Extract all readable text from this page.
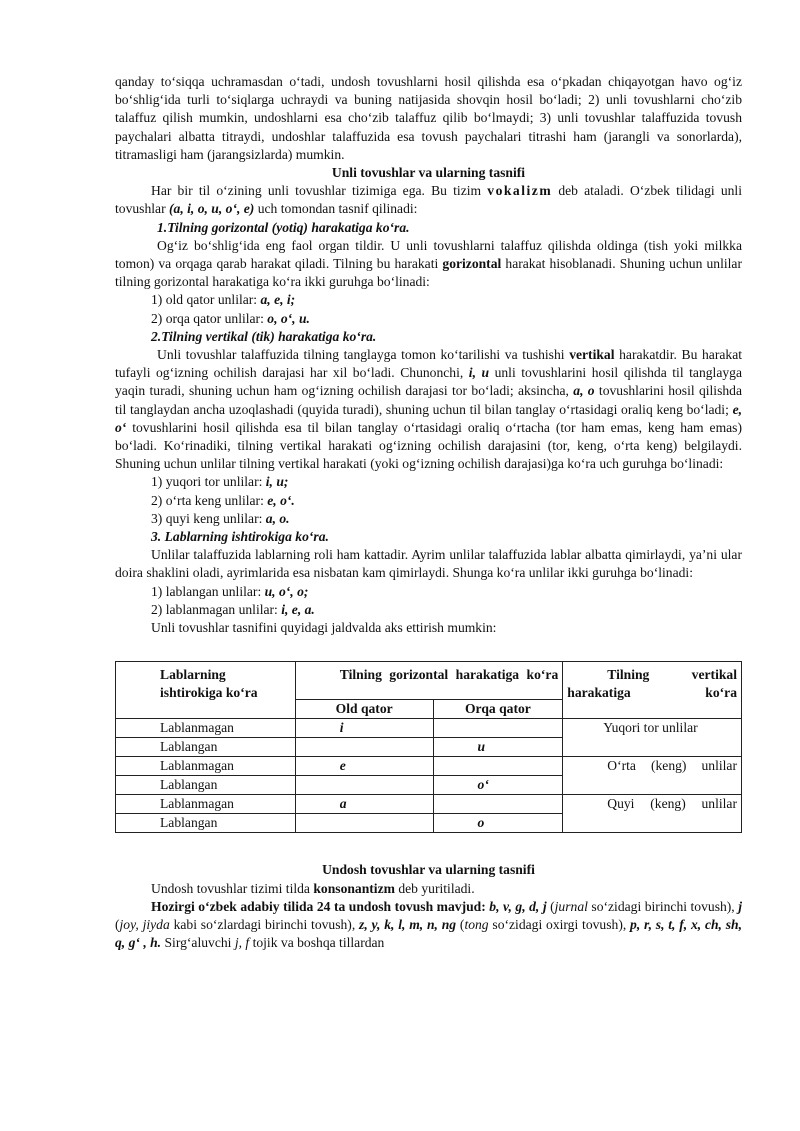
qanday to‘siqqa uchramasdan o‘tadi, undosh tovushlarni hosil qilishda esa o‘pkadan chiqayotgan havo og‘iz bo‘shlig‘ida turli to‘siqlarga uchraydi va buning natijasida shovqin hosil bo‘ladi; 2) unli tovushlarni cho‘zib talaffuz qilish mumkin, undoshlarni esa cho‘zib talaffuz qilib bo‘lmaydi; 3) unli tovushlar talaffuzida tovush paychalari albatta titraydi, undoshlar talaffuzida esa tovush paychalari titrashi ham (jarangli va sonorlarda), titramasligi ham (jarangsizlarda) mumkin.

Unli tovushlar va ularning tasnifi

Har bir til o‘zining unli tovushlar tizimiga ega. Bu tizim vokalizm deb ataladi. O‘zbek tilidagi unli tovushlar (a, i, o, u, o‘, e) uch tomondan tasnif qilinadi:

1.Tilning gorizontal (yotiq) harakatiga ko‘ra.

Og‘iz bo‘shlig‘ida eng faol organ tildir. U unli tovushlarni talaffuz qilishda oldinga (tish yoki milkka tomon) va orqaga qarab harakat qiladi. Tilning bu harakati gorizontal harakat hisoblanadi. Shuning uchun unlilar tilning gorizontal harakatiga ko‘ra ikki guruhga bo‘linadi:

1) old qator unlilar: a, e, i;

2) orqa qator unlilar: o, o‘, u.

2.Tilning vertikal (tik) harakatiga ko‘ra.

Unli tovushlar talaffuzida tilning tanglayga tomon ko‘tarilishi va tushishi vertikal harakatdir. Bu harakat tufayli og‘izning ochilish darajasi har xil bo‘ladi. Chunonchi, i, u unli tovushlarini hosil qilishda til tanglayga yaqin turadi, shuning uchun ham og‘izning ochilish darajasi tor bo‘ladi; aksincha, a, o tovushlarini hosil qilishda til tanglaydan ancha uzoqlashadi (quyida turadi), shuning uchun til bilan tanglay o‘rtasidagi oraliq keng bo‘ladi; e, o‘ tovushlarini hosil qilishda esa til bilan tanglay o‘rtasidagi oraliq o‘rtacha (tor ham emas, keng ham emas) bo‘ladi. Ko‘rinadiki, tilning vertikal harakati og‘izning ochilish darajasini (tor, keng, o‘rta keng) belgilaydi. Shuning uchun unlilar tilning vertikal harakati (yoki og‘izning ochilish darajasi)ga ko‘ra uch guruhga bo‘linadi:

1) yuqori tor unlilar: i, u;

2) o‘rta keng unlilar: e, o‘.

3) quyi keng unlilar: a, o.

3. Lablarning ishtirokiga ko‘ra.

Unlilar talaffuzida lablarning roli ham kattadir. Ayrim unlilar talaffuzida lablar albatta qimirlaydi, ya’ni ular doira shaklini oladi, ayrimlarida esa nisbatan kam qimirlaydi. Shunga ko‘ra unlilar ikki guruhga bo‘linadi:

1) lablangan unlilar: u, o‘, o;

2) lablanmagan unlilar: i, e, a.

Unli tovushlar tasnifini quyidagi jaldvalda aks ettirish mumkin:

Lablarning ishtirokiga ko‘ra	Tilning gorizontal harakatiga ko‘ra		Tilning vertikal harakatiga ko‘ra
	Old qator	Orqa qator	
Lablanmagan	i		Yuqori tor unlilar
Lablangan		u	
Lablanmagan	e		O‘rta (keng) unlilar
Lablangan		o‘	
Lablanmagan	a		Quyi (keng) unlilar
Lablangan		o	

Undosh tovushlar va ularning tasnifi

Undosh tovushlar tizimi tilda konsonantizm deb yuritiladi.

Hozirgi o‘zbek adabiy tilida 24 ta undosh tovush mavjud: b, v, g, d, j (jurnal so‘zidagi birinchi tovush), j (joy, jiyda kabi so‘zlardagi birinchi tovush), z, y, k, l, m, n, ng (tong so‘zidagi oxirgi tovush), p, r, s, t, f, x, ch, sh, q, g‘ , h. Sirg‘aluvchi j, f tojik va boshqa tillardan
